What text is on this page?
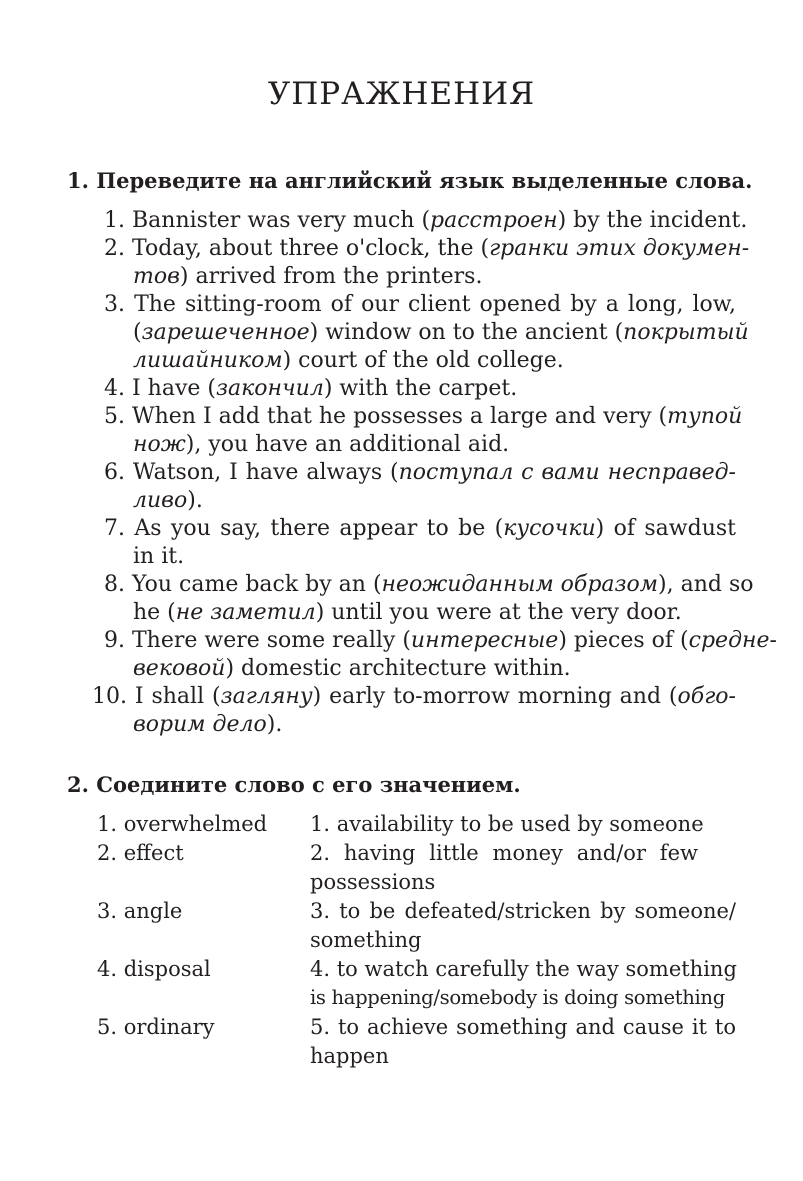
УПРАЖНЕНИЯ

1. Переведите на английский язык выделенные слова.

1. Bannister was very much (расстроен) by the incident.
2. Today, about three o'clock, the (гранки этих докумен-
тов) arrived from the printers.
3. The sitting-room of our client opened by a long, low,
(зарешеченное) window on to the ancient (покрытый
лишайником) court of the old college.
4. I have (закончил) with the carpet.
5. When I add that he possesses a large and very (тупой
нож), you have an additional aid.
6. Watson, I have always (поступал с вами несправед-
ливо).
7. As you say, there appear to be (кусочки) of sawdust
in it.
8. You came back by an (неожиданным образом), and so
he (не заметил) until you were at the very door.
9. There were some really (интересные) pieces of (средне-
вековой) domestic architecture within.
10. I shall (загляну) early to-morrow morning and (обго-
ворим дело).

2. Соедините слово с его значением.

1. overwhelmed
2. effect
3. angle
4. disposal
5. ordinary
1. availability to be used by someone
2. having little money and/or few
possessions
3. to be defeated/stricken by someone/
something
4. to watch carefully the way something
is happening/somebody is doing something
5. to achieve something and cause it to
happen
